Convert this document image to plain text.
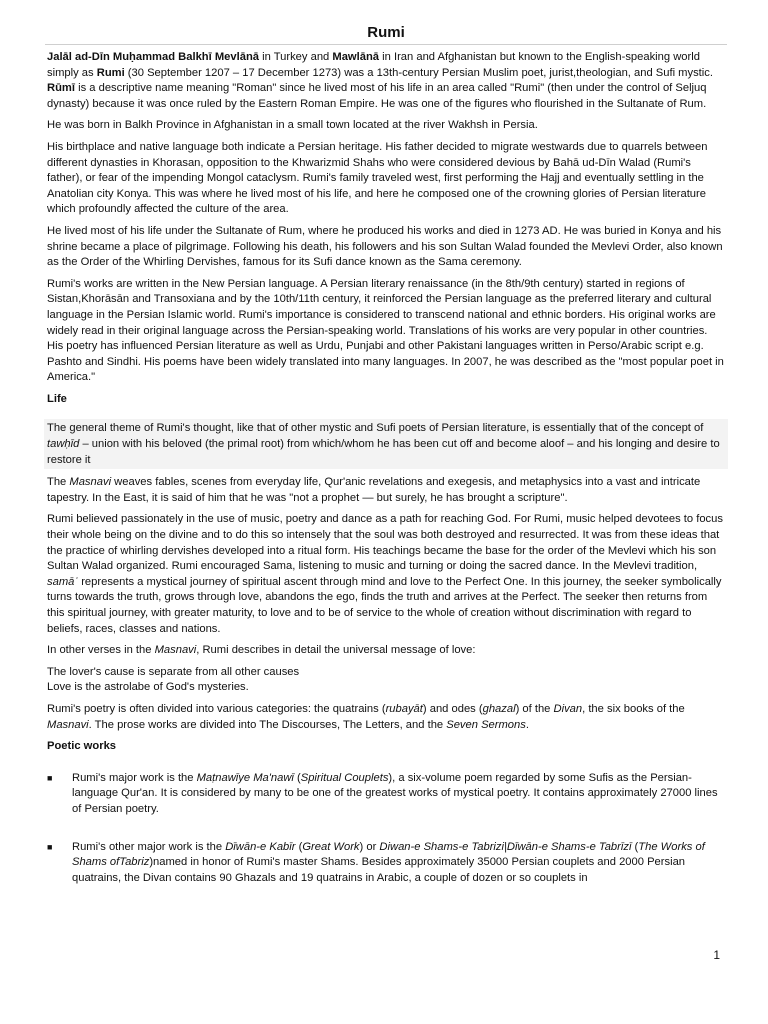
Rumi

Jalāl ad-Dīn Muḥammad Balkhī Mevlānā in Turkey and Mawlānā in Iran and Afghanistan but known to the English-speaking world simply as Rumi (30 September 1207 – 17 December 1273) was a 13th-century Persian Muslim poet, jurist,theologian, and Sufi mystic. Rūmī is a descriptive name meaning "Roman" since he lived most of his life in an area called "Rumi" (then under the control of Seljuq dynasty) because it was once ruled by the Eastern Roman Empire. He was one of the figures who flourished in the Sultanate of Rum.

He was born in Balkh Province in Afghanistan in a small town located at the river Wakhsh in Persia.

His birthplace and native language both indicate a Persian heritage. His father decided to migrate westwards due to quarrels between different dynasties in Khorasan, opposition to the Khwarizmid Shahs who were considered devious by Bahā ud-Dīn Walad (Rumi's father), or fear of the impending Mongol cataclysm. Rumi's family traveled west, first performing the Hajj and eventually settling in the Anatolian city Konya. This was where he lived most of his life, and here he composed one of the crowning glories of Persian literature which profoundly affected the culture of the area.

He lived most of his life under the Sultanate of Rum, where he produced his works and died in 1273 AD. He was buried in Konya and his shrine became a place of pilgrimage. Following his death, his followers and his son Sultan Walad founded the Mevlevi Order, also known as the Order of the Whirling Dervishes, famous for its Sufi dance known as the Sama ceremony.

Rumi's works are written in the New Persian language. A Persian literary renaissance (in the 8th/9th century) started in regions of Sistan,Khorāsān and Transoxiana and by the 10th/11th century, it reinforced the Persian language as the preferred literary and cultural language in the Persian Islamic world. Rumi's importance is considered to transcend national and ethnic borders. His original works are widely read in their original language across the Persian-speaking world. Translations of his works are very popular in other countries. His poetry has influenced Persian literature as well as Urdu, Punjabi and other Pakistani languages written in Perso/Arabic script e.g. Pashto and Sindhi. His poems have been widely translated into many languages. In 2007, he was described as the "most popular poet in America."

Life

The general theme of Rumi's thought, like that of other mystic and Sufi poets of Persian literature, is essentially that of the concept of tawḥīd – union with his beloved (the primal root) from which/whom he has been cut off and become aloof – and his longing and desire to restore it

The Masnavi weaves fables, scenes from everyday life, Qur'anic revelations and exegesis, and metaphysics into a vast and intricate tapestry. In the East, it is said of him that he was "not a prophet — but surely, he has brought a scripture".

Rumi believed passionately in the use of music, poetry and dance as a path for reaching God. For Rumi, music helped devotees to focus their whole being on the divine and to do this so intensely that the soul was both destroyed and resurrected. It was from these ideas that the practice of whirling dervishes developed into a ritual form. His teachings became the base for the order of the Mevlevi which his son Sultan Walad organized. Rumi encouraged Sama, listening to music and turning or doing the sacred dance. In the Mevlevi tradition, samāʿ represents a mystical journey of spiritual ascent through mind and love to the Perfect One. In this journey, the seeker symbolically turns towards the truth, grows through love, abandons the ego, finds the truth and arrives at the Perfect. The seeker then returns from this spiritual journey, with greater maturity, to love and to be of service to the whole of creation without discrimination with regard to beliefs, races, classes and nations.

In other verses in the Masnavi, Rumi describes in detail the universal message of love:

The lover's cause is separate from all other causes
Love is the astrolabe of God's mysteries.

Rumi's poetry is often divided into various categories: the quatrains (rubayāt) and odes (ghazal) of the Divan, the six books of the Masnavi. The prose works are divided into The Discourses, The Letters, and the Seven Sermons.

Poetic works

■ Rumi's major work is the Maṭnawīye Ma'nawī (Spiritual Couplets), a six-volume poem regarded by some Sufis as the Persian-language Qur'an. It is considered by many to be one of the greatest works of mystical poetry. It contains approximately 27000 lines of Persian poetry.
■ Rumi's other major work is the Dīwān-e Kabīr (Great Work) or Diwan-e Shams-e Tabrizi|Dīwān-e Shams-e Tabrīzī (The Works of Shams ofTabriz)named in honor of Rumi's master Shams. Besides approximately 35000 Persian couplets and 2000 Persian quatrains, the Divan contains 90 Ghazals and 19 quatrains in Arabic, a couple of dozen or so couplets in
1
